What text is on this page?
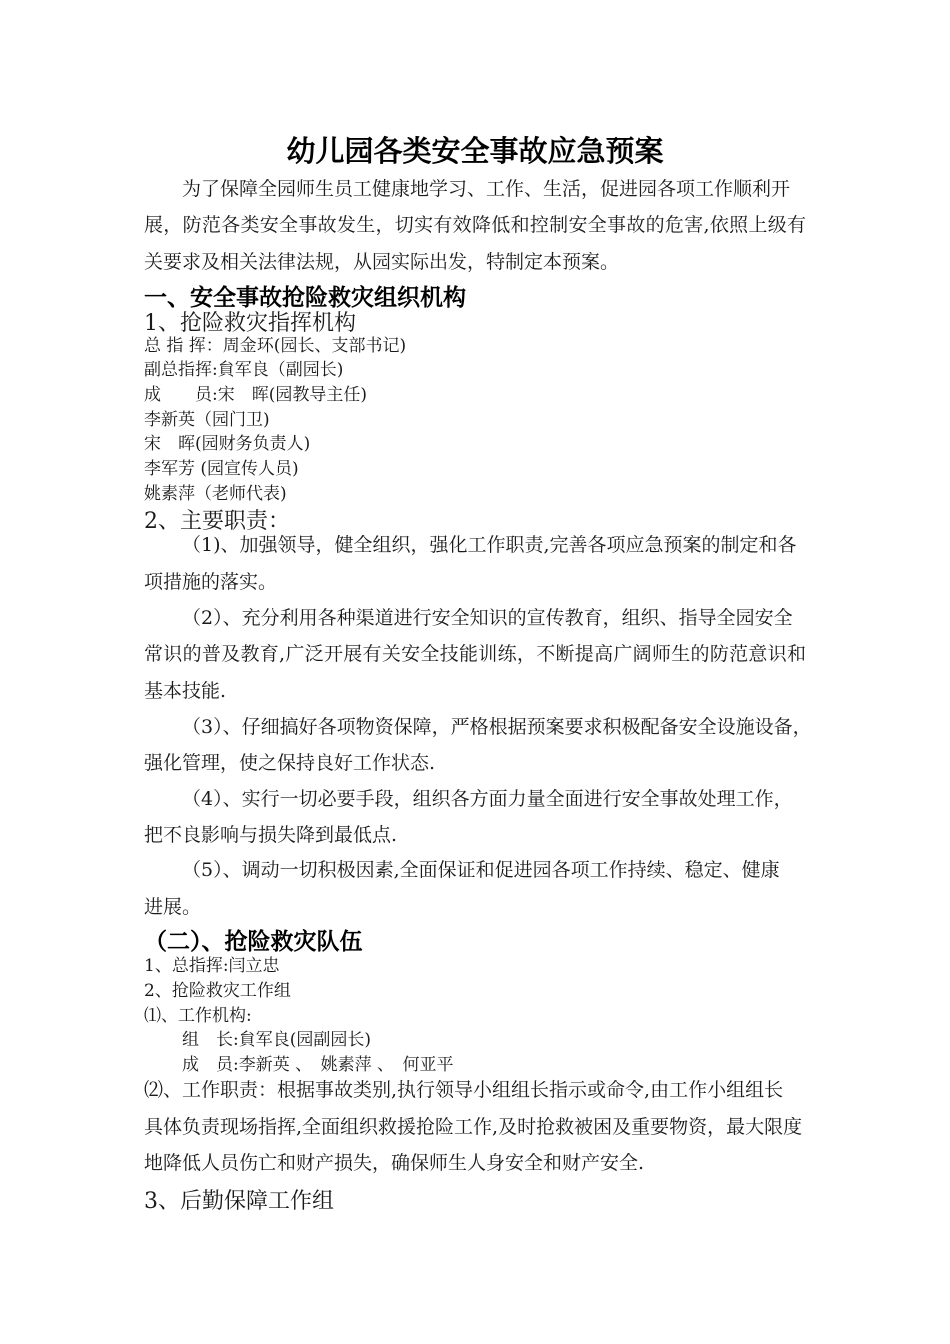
幼儿园各类安全事故应急预案
为了保障全园师生员工健康地学习、工作、生活，促进园各项工作顺利开
展，防范各类安全事故发生，切实有效降低和控制安全事故的危害,依照上级有
关要求及相关法律法规，从园实际出发，特制定本预案。
一、安全事故抢险救灾组织机构
1、抢险救灾指挥机构
总 指 挥：周金环(园长、支部书记)
副总指挥:貟军良（副园长)
成　　员:宋　晖(园教导主任)
李新英（园门卫)
宋　晖(园财务负责人)
李军芳 (园宣传人员)
姚素萍（老师代表)
2、主要职责：
（1)、加强领导，健全组织，强化工作职责,完善各项应急预案的制定和各
项措施的落实。
（2）、充分利用各种渠道进行安全知识的宣传教育，组织、指导全园安全
常识的普及教育,广泛开展有关安全技能训练，不断提高广阔师生的防范意识和
基本技能.
（3）、仔细搞好各项物资保障，严格根据预案要求积极配备安全设施设备，
强化管理，使之保持良好工作状态.
（4）、实行一切必要手段，组织各方面力量全面进行安全事故处理工作，
把不良影响与损失降到最低点.
（5）、调动一切积极因素,全面保证和促进园各项工作持续、稳定、健康
进展。
（二）、抢险救灾队伍
1、总指挥:闫立忠
2、抢险救灾工作组
⑴、工作机构:
组　长:貟军良(园副园长)
成　员:李新英 、　姚素萍 、　何亚平
⑵、工作职责：根据事故类别,执行领导小组组长指示或命令,由工作小组组长
具体负责现场指挥,全面组织救援抢险工作,及时抢救被困及重要物资，最大限度
地降低人员伤亡和财产损失，确保师生人身安全和财产安全.
3、后勤保障工作组
